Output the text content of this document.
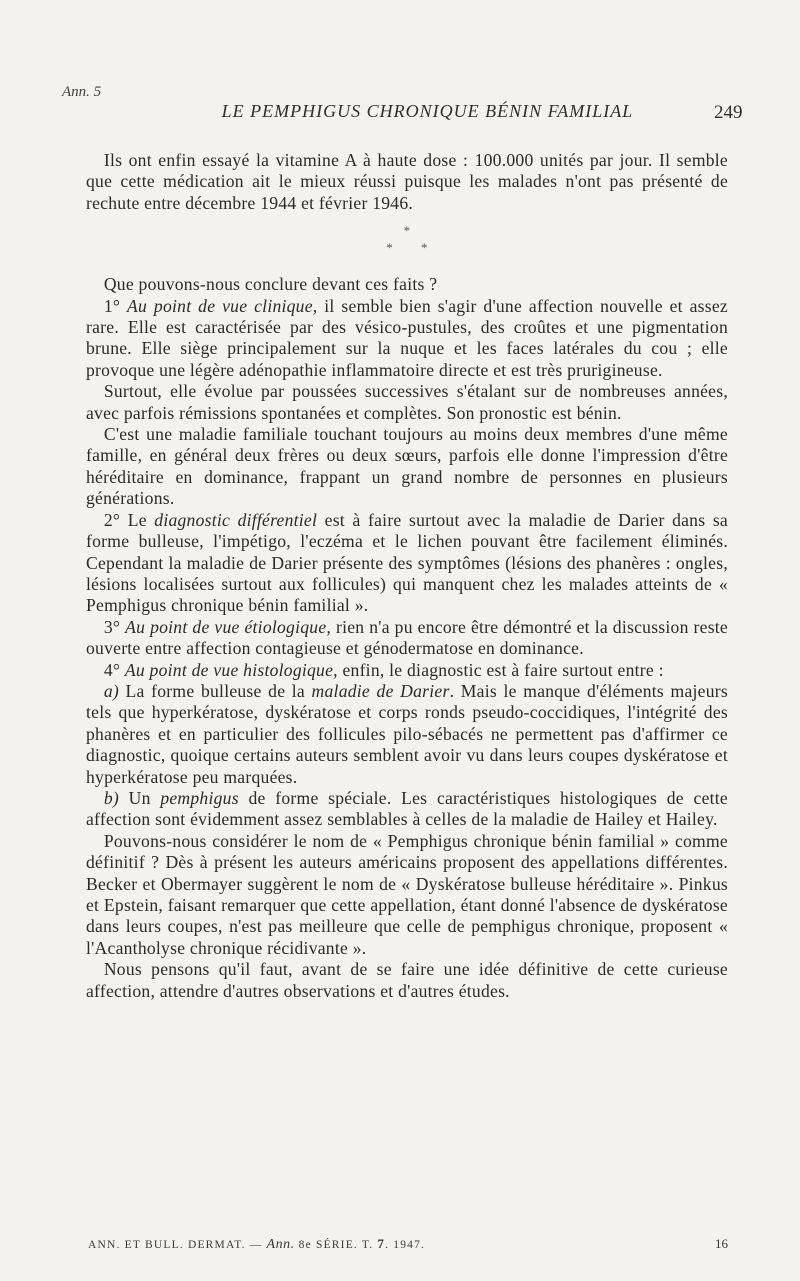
Ann. 5
LE PEMPHIGUS CHRONIQUE BÉNIN FAMILIAL	249

 Ils ont enfin essayé la vitamine A à haute dose : 100.000 unités par jour. Il semble que cette médication ait le mieux réussi puisque les malades n'ont pas présenté de rechute entre décembre 1944 et février 1946.

*
* *

 Que pouvons-nous conclure devant ces faits ?

 1° Au point de vue clinique, il semble bien s'agir d'une affection nouvelle et assez rare. Elle est caractérisée par des vésico-pustules, des croûtes et une pigmentation brune. Elle siège principalement sur la nuque et les faces latérales du cou ; elle provoque une légère adénopathie inflammatoire directe et est très prurigineuse.

 Surtout, elle évolue par poussées successives s'étalant sur de nombreuses années, avec parfois rémissions spontanées et complètes. Son pronostic est bénin.

 C'est une maladie familiale touchant toujours au moins deux membres d'une même famille, en général deux frères ou deux sœurs, parfois elle donne l'impression d'être héréditaire en dominance, frappant un grand nombre de personnes en plusieurs générations.

 2° Le diagnostic différentiel est à faire surtout avec la maladie de Darier dans sa forme bulleuse, l'impétigo, l'eczéma et le lichen pouvant être facilement éliminés. Cependant la maladie de Darier présente des symptômes (lésions des phanères : ongles, lésions localisées surtout aux follicules) qui manquent chez les malades atteints de « Pemphigus chronique bénin familial ».

 3° Au point de vue étiologique, rien n'a pu encore être démontré et la discussion reste ouverte entre affection contagieuse et génodermatose en dominance.

 4° Au point de vue histologique, enfin, le diagnostic est à faire surtout entre :

 a) La forme bulleuse de la maladie de Darier. Mais le manque d'éléments majeurs tels que hyperkératose, dyskératose et corps ronds pseudo-coccidiques, l'intégrité des phanères et en particulier des follicules pilo-sébacés ne permettent pas d'affirmer ce diagnostic, quoique certains auteurs semblent avoir vu dans leurs coupes dyskératose et hyperkératose peu marquées.

 b) Un pemphigus de forme spéciale. Les caractéristiques histologiques de cette affection sont évidemment assez semblables à celles de la maladie de Hailey et Hailey.

 Pouvons-nous considérer le nom de « Pemphigus chronique bénin familial » comme définitif ? Dès à présent les auteurs américains proposent des appellations différentes. Becker et Obermayer suggèrent le nom de « Dyskératose bulleuse héréditaire ». Pinkus et Epstein, faisant remarquer que cette appellation, étant donné l'absence de dyskératose dans leurs coupes, n'est pas meilleure que celle de pemphigus chronique, proposent « l'Acantholyse chronique récidivante ».

 Nous pensons qu'il faut, avant de se faire une idée définitive de cette curieuse affection, attendre d'autres observations et d'autres études.

ANN. ET BULL. DERMAT. — Ann. 8e SÉRIE. T. 7. 1947.	16
